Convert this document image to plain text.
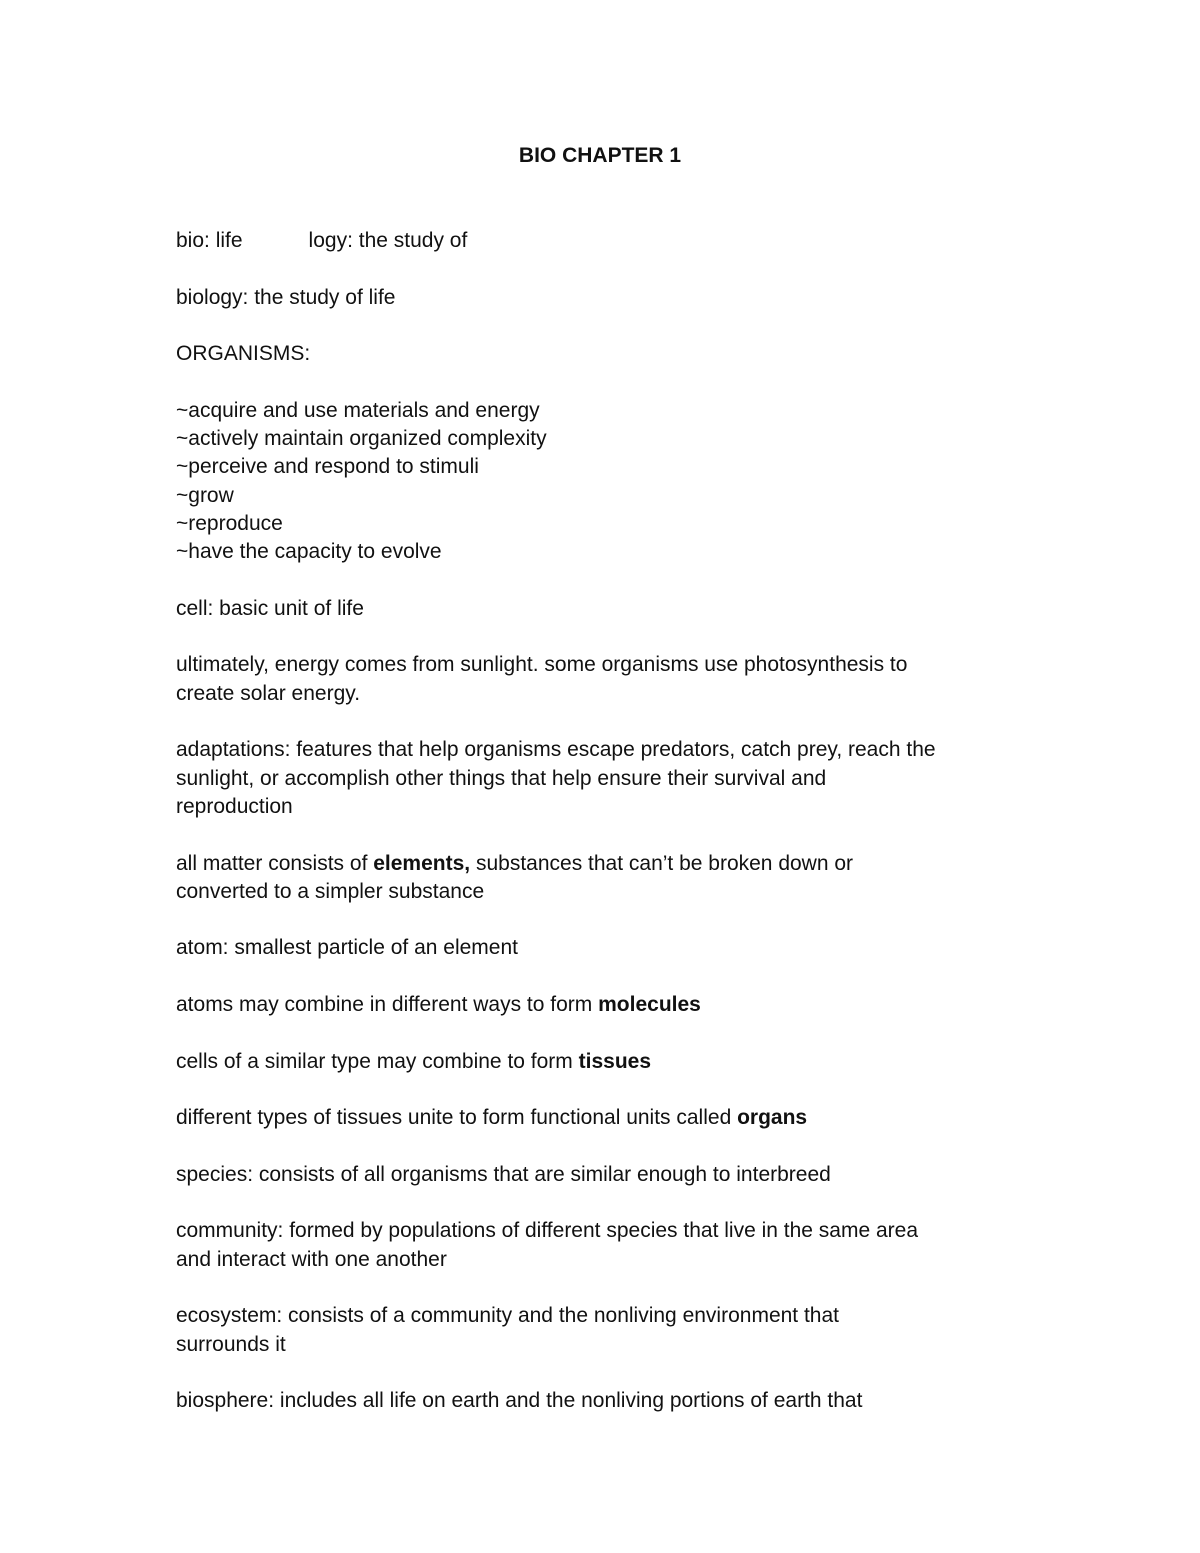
BIO CHAPTER 1

bio: life	logy: the study of

biology: the study of life

ORGANISMS:

~acquire and use materials and energy

~actively maintain organized complexity

~perceive and respond to stimuli

~grow

~reproduce

~have the capacity to evolve

cell: basic unit of life

ultimately, energy comes from sunlight. some organisms use photosynthesis to
create solar energy.

adaptations: features that help organisms escape predators, catch prey, reach the
sunlight, or accomplish other things that help ensure their survival and
reproduction

all matter consists of elements, substances that can’t be broken down or
converted to a simpler substance

atom: smallest particle of an element

atoms may combine in different ways to form molecules

cells of a similar type may combine to form tissues

different types of tissues unite to form functional units called organs

species: consists of all organisms that are similar enough to interbreed

community: formed by populations of different species that live in the same area
and interact with one another

ecosystem: consists of a community and the nonliving environment that
surrounds it

biosphere: includes all life on earth and the nonliving portions of earth that
